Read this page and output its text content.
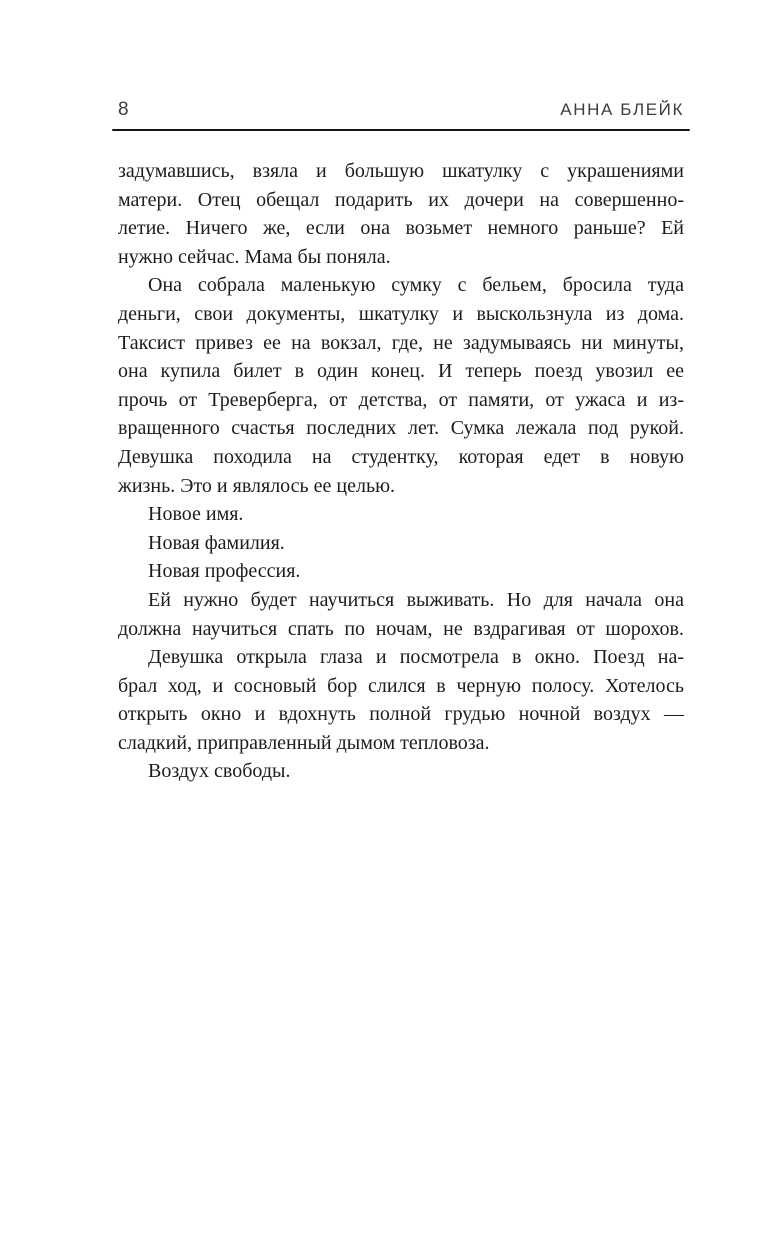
8	АННА БЛЕЙК
задумавшись, взяла и большую шкатулку с украшениями
матери. Отец обещал подарить их дочери на совершенно-
летие. Ничего же, если она возьмет немного раньше? Ей
нужно сейчас. Мама бы поняла.
Она собрала маленькую сумку с бельем, бросила туда
деньги, свои документы, шкатулку и выскользнула из дома.
Таксист привез ее на вокзал, где, не задумываясь ни минуты,
она купила билет в один конец. И теперь поезд увозил ее
прочь от Треверберга, от детства, от памяти, от ужаса и из-
вращенного счастья последних лет. Сумка лежала под рукой.
Девушка походила на студентку, которая едет в новую
жизнь. Это и являлось ее целью.
Новое имя.
Новая фамилия.
Новая профессия.
Ей нужно будет научиться выживать. Но для начала она
должна научиться спать по ночам, не вздрагивая от шорохов.
Девушка открыла глаза и посмотрела в окно. Поезд на-
брал ход, и сосновый бор слился в черную полосу. Хотелось
открыть окно и вдохнуть полной грудью ночной воздух —
сладкий, приправленный дымом тепловоза.
Воздух свободы.
